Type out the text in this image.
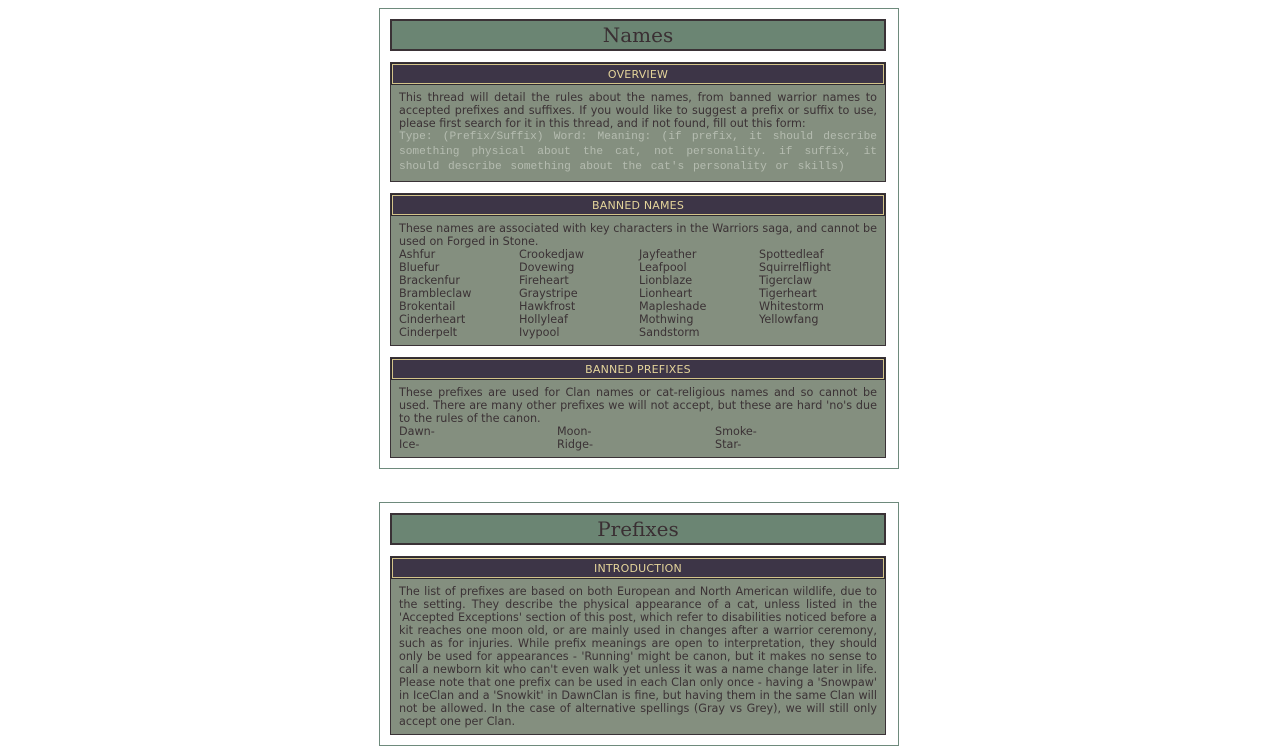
Names
OVERVIEW
This thread will detail the rules about the names, from banned warrior names to accepted prefixes and suffixes. If you would like to suggest a prefix or suffix to use, please first search for it in this thread, and if not found, fill out this form:
Type: (Prefix/Suffix) Word: Meaning: (if prefix, it should describe something physical about the cat, not personality. if suffix, it should describe something about the cat's personality or skills)
BANNED NAMES
These names are associated with key characters in the Warriors saga, and cannot be used on Forged in Stone.
Ashfur	Crookedjaw	Jayfeather	Spottedleaf
Bluefur	Dovewing	Leafpool	Squirrelflight
Brackenfur	Fireheart	Lionblaze	Tigerclaw
Brambleclaw	Graystripe	Lionheart	Tigerheart
Brokentail	Hawkfrost	Mapleshade	Whitestorm
Cinderheart	Hollyleaf	Mothwing	Yellowfang
Cinderpelt	Ivypool	Sandstorm
BANNED PREFIXES
These prefixes are used for Clan names or cat-religious names and so cannot be used. There are many other prefixes we will not accept, but these are hard 'no's due to the rules of the canon.
Dawn-	Moon-	Smoke-
Ice-	Ridge-	Star-
Prefixes
INTRODUCTION
The list of prefixes are based on both European and North American wildlife, due to the setting. They describe the physical appearance of a cat, unless listed in the 'Accepted Exceptions' section of this post, which refer to disabilities noticed before a kit reaches one moon old, or are mainly used in changes after a warrior ceremony, such as for injuries. While prefix meanings are open to interpretation, they should only be used for appearances - 'Running' might be canon, but it makes no sense to call a newborn kit who can't even walk yet unless it was a name change later in life. Please note that one prefix can be used in each Clan only once - having a 'Snowpaw' in IceClan and a 'Snowkit' in DawnClan is fine, but having them in the same Clan will not be allowed. In the case of alternative spellings (Gray vs Grey), we will still only accept one per Clan.
